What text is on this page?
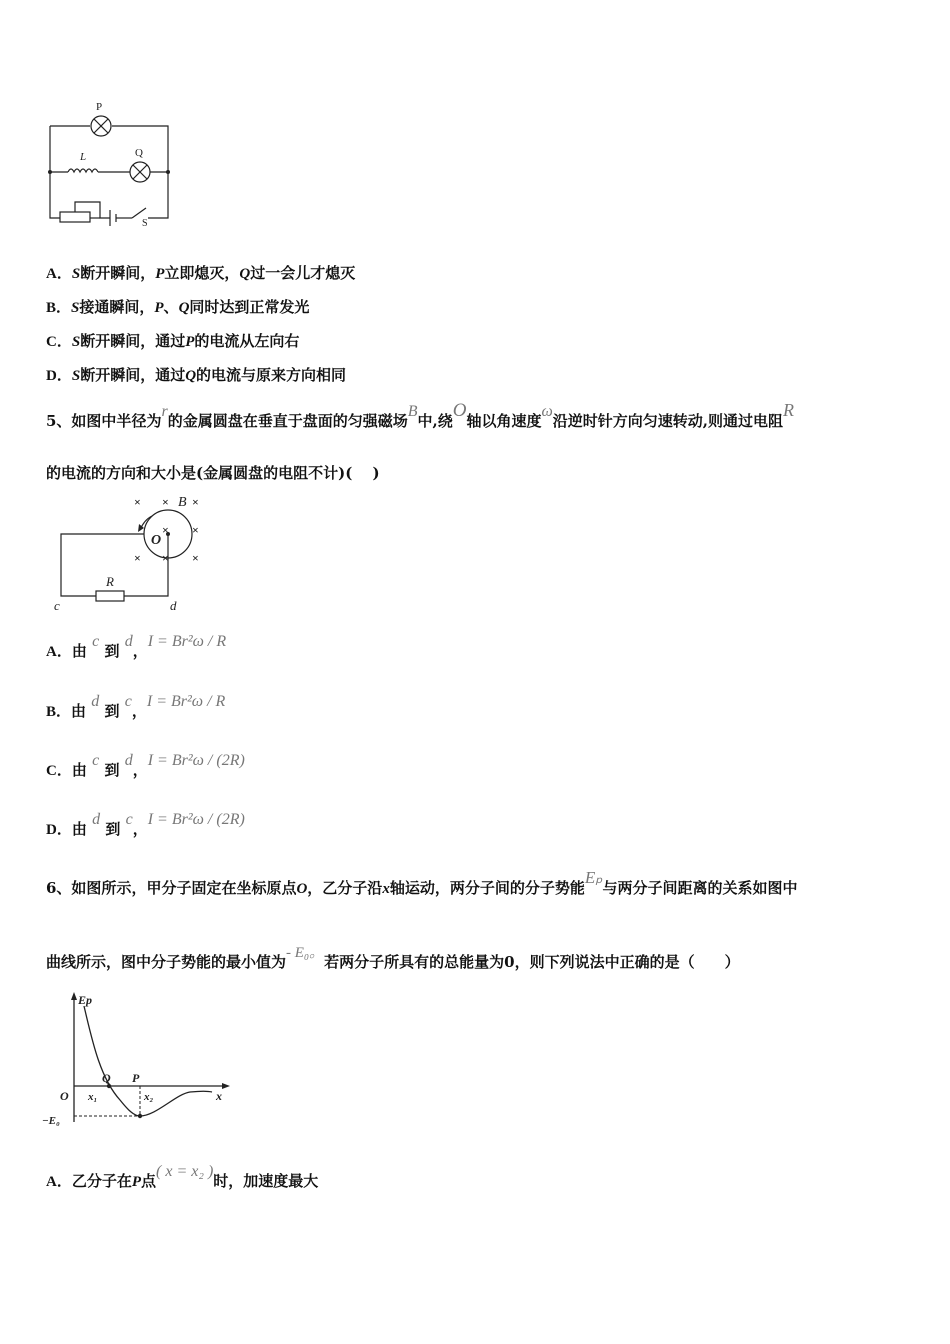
P
L	Q
S
A．S断开瞬间，P立即熄灭，Q过一会儿才熄灭
B．S接通瞬间，P、Q同时达到正常发光
C．S断开瞬间，通过P的电流从左向右
D．S断开瞬间，通过Q的电流与原来方向相同
5、如图中半径为r的金属圆盘在垂直于盘面的匀强磁场B中,绕O轴以角速度ω沿逆时针方向匀速转动,则通过电阻R
的电流的方向和大小是(金属圆盘的电阻不计)(　 )
× × ×
× ×
× × ×
B
O
R
c	d
A．由 c 到 d，I = Br²ω / R
B．由 d 到 c，I = Br²ω / R
C．由 c 到 d，I = Br²ω / (2R)
D．由 d 到 c，I = Br²ω / (2R)
6、如图所示，甲分子固定在坐标原点O，乙分子沿x轴运动，两分子间的分子势能Eₚ与两分子间距离的关系如图中
曲线所示，图中分子势能的最小值为- E₀。若两分子所具有的总能量为0，则下列说法中正确的是（　　）
Ep
x
O
Q P
x₁	x₂
−E₀
A．乙分子在P点( x = x₂ )时，加速度最大
